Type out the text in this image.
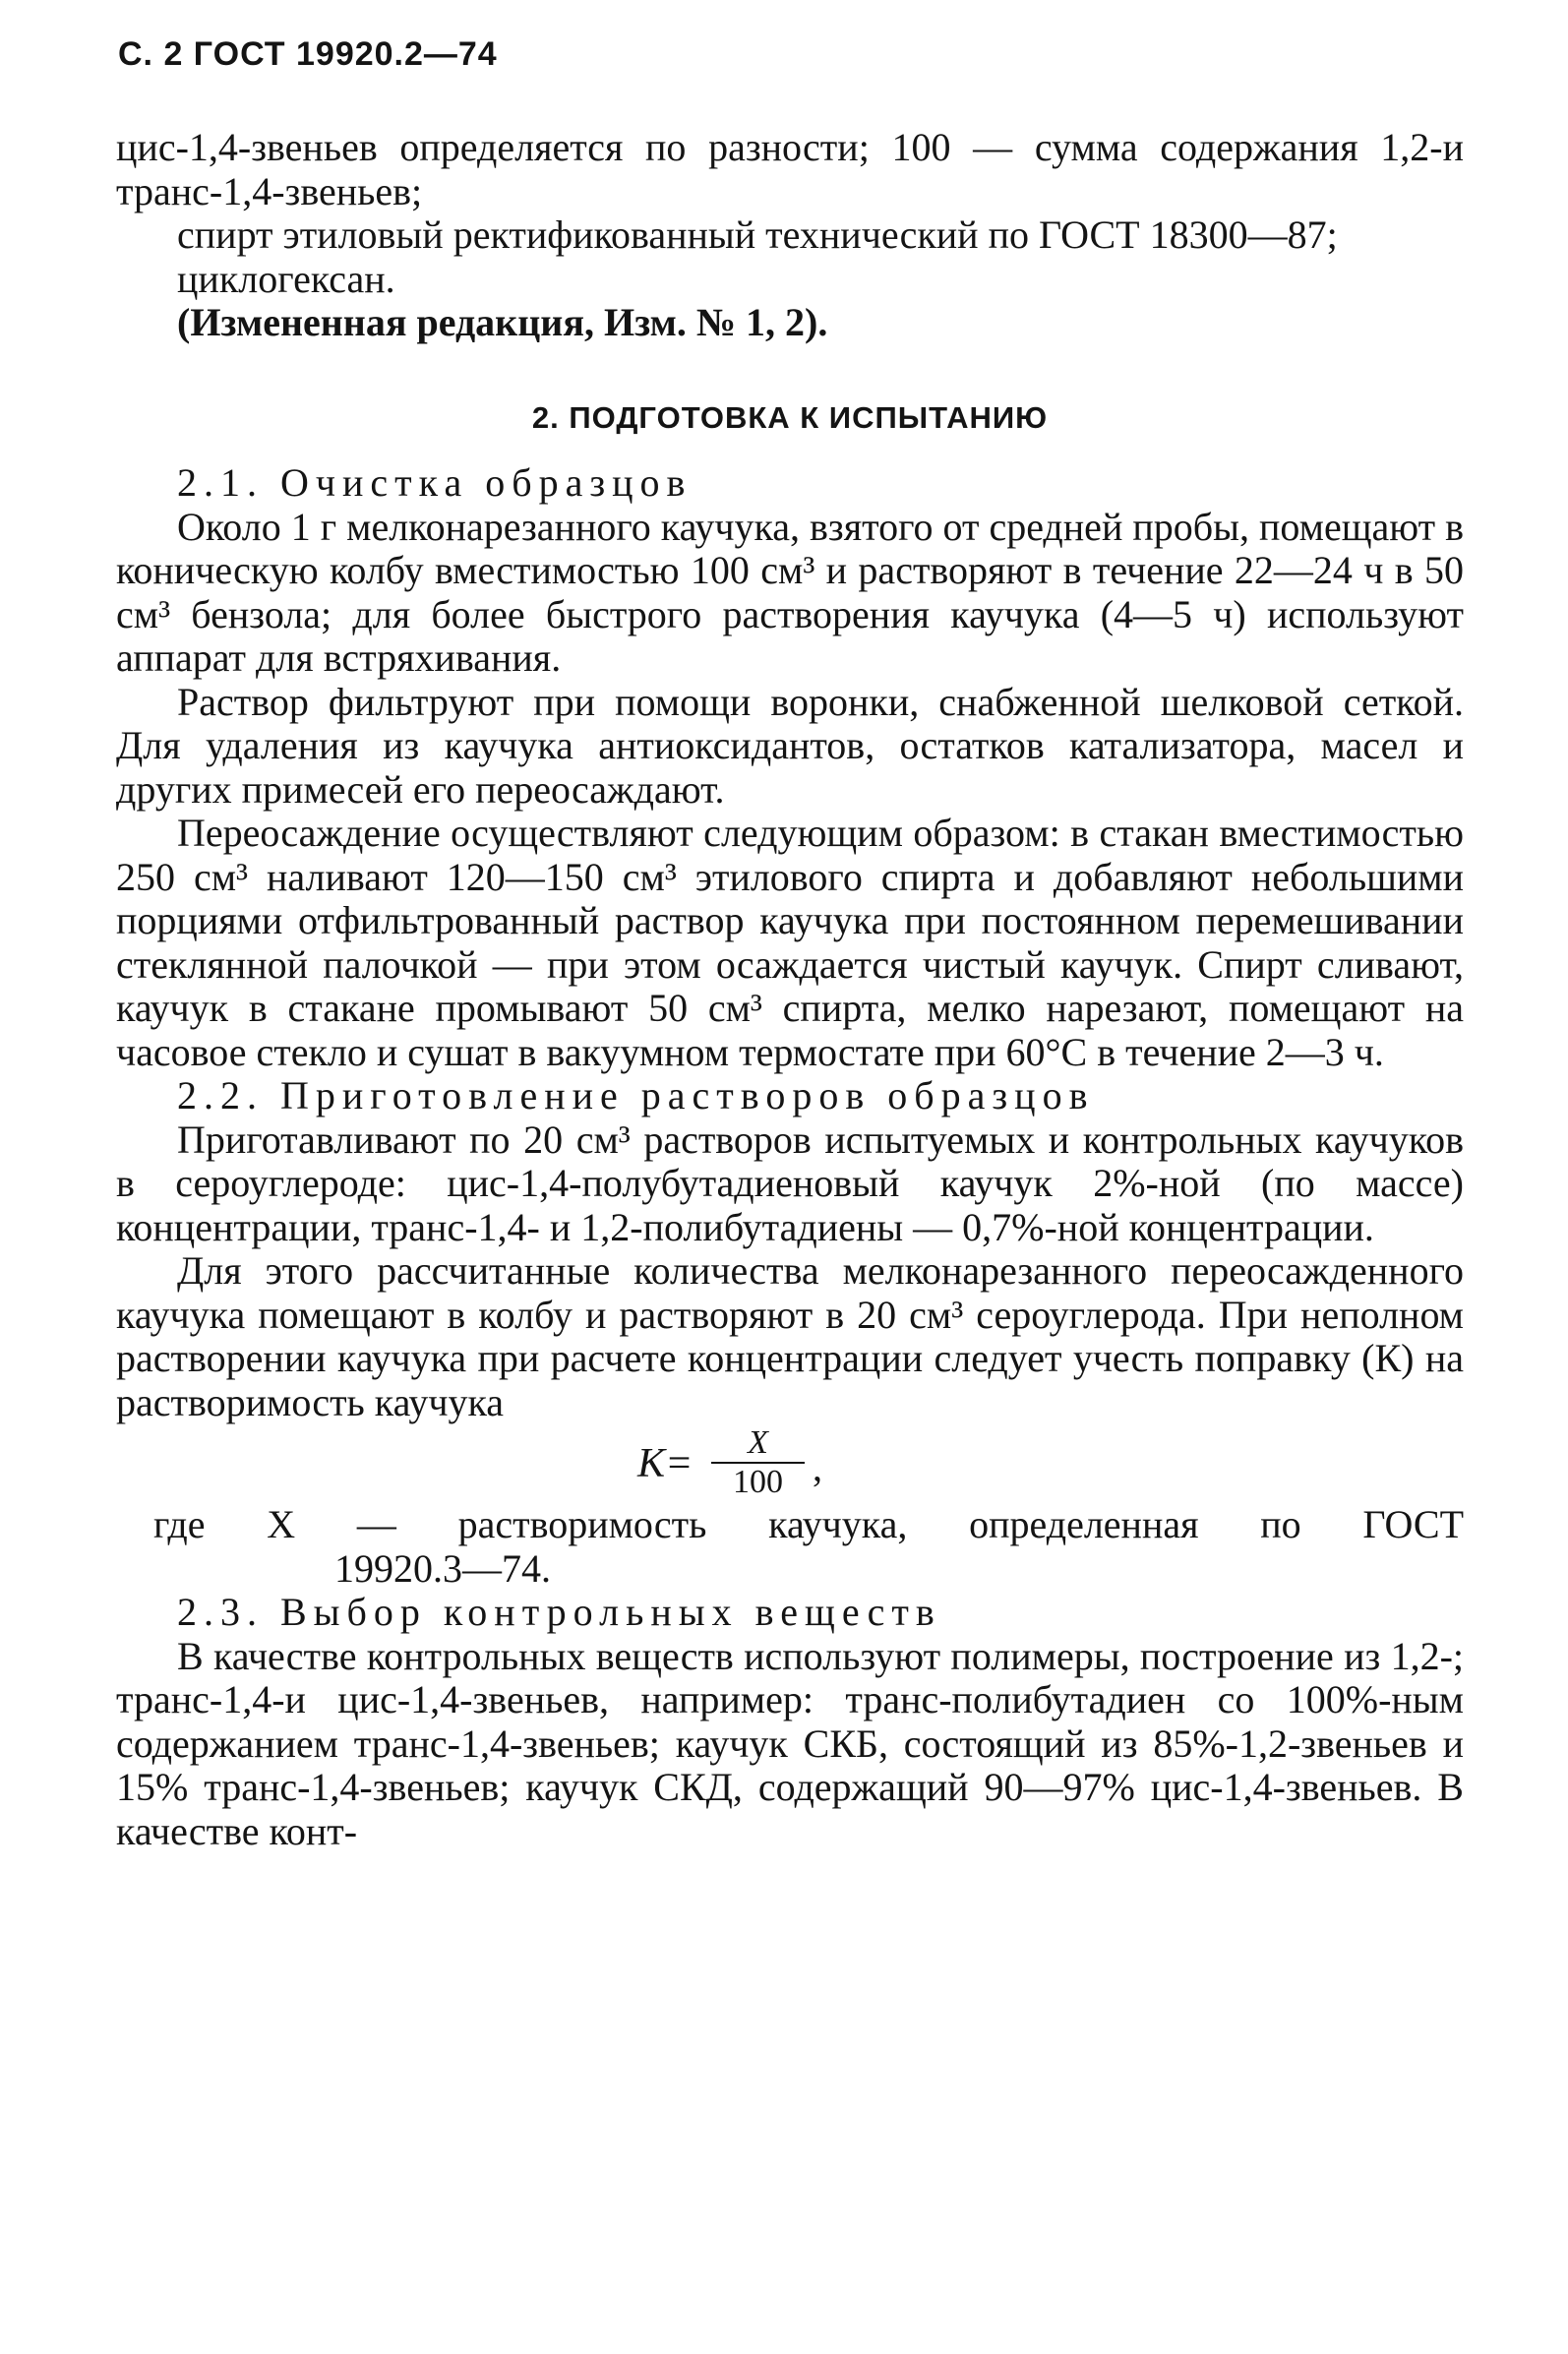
С. 2 ГОСТ 19920.2—74

цис-1,4-звеньев определяется по разности; 100 — сумма содержания 1,2-и транс-1,4-звеньев;

спирт этиловый ректификованный технический по ГОСТ 18300—87;

циклогексан.

(Измененная редакция, Изм. № 1, 2).

2. ПОДГОТОВКА К ИСПЫТАНИЮ

2.1. Очистка образцов

Около 1 г мелконарезанного каучука, взятого от средней пробы, помещают в коническую колбу вместимостью 100 см³ и растворяют в течение 22—24 ч в 50 см³ бензола; для более быстрого растворения каучука (4—5 ч) используют аппарат для встряхивания.

Раствор фильтруют при помощи воронки, снабженной шелковой сеткой. Для удаления из каучука антиоксидантов, остатков катализатора, масел и других примесей его переосаждают.

Переосаждение осуществляют следующим образом: в стакан вместимостью 250 см³ наливают 120—150 см³ этилового спирта и добавляют небольшими порциями отфильтрованный раствор каучука при постоянном перемешивании стеклянной палочкой — при этом осаждается чистый каучук. Спирт сливают, каучук в стакане промывают 50 см³ спирта, мелко нарезают, помещают на часовое стекло и сушат в вакуумном термостате при 60°С в течение 2—3 ч.

2.2. Приготовление растворов образцов

Приготавливают по 20 см³ растворов испытуемых и контрольных каучуков в сероуглероде: цис-1,4-полубутадиеновый каучук 2%-ной (по массе) концентрации, транс-1,4- и 1,2-полибутадиены — 0,7%-ной концентрации.

Для этого рассчитанные количества мелконарезанного переосажденного каучука помещают в колбу и растворяют в 20 см³ сероуглерода. При неполном растворении каучука при расчете концентрации следует учесть поправку (К) на растворимость каучука

$K= \frac{X}{100}$ ,

где X — растворимость каучука, определенная по ГОСТ

19920.3—74.

2.3. Выбор контрольных веществ

В качестве контрольных веществ используют полимеры, построение из 1,2-; транс-1,4-и цис-1,4-звеньев, например: транс-полибутадиен со 100%-ным содержанием транс-1,4-звеньев; каучук СКБ, состоящий из 85%-1,2-звеньев и 15% транс-1,4-звеньев; каучук СКД, содержащий 90—97% цис-1,4-звеньев. В качестве конт-
